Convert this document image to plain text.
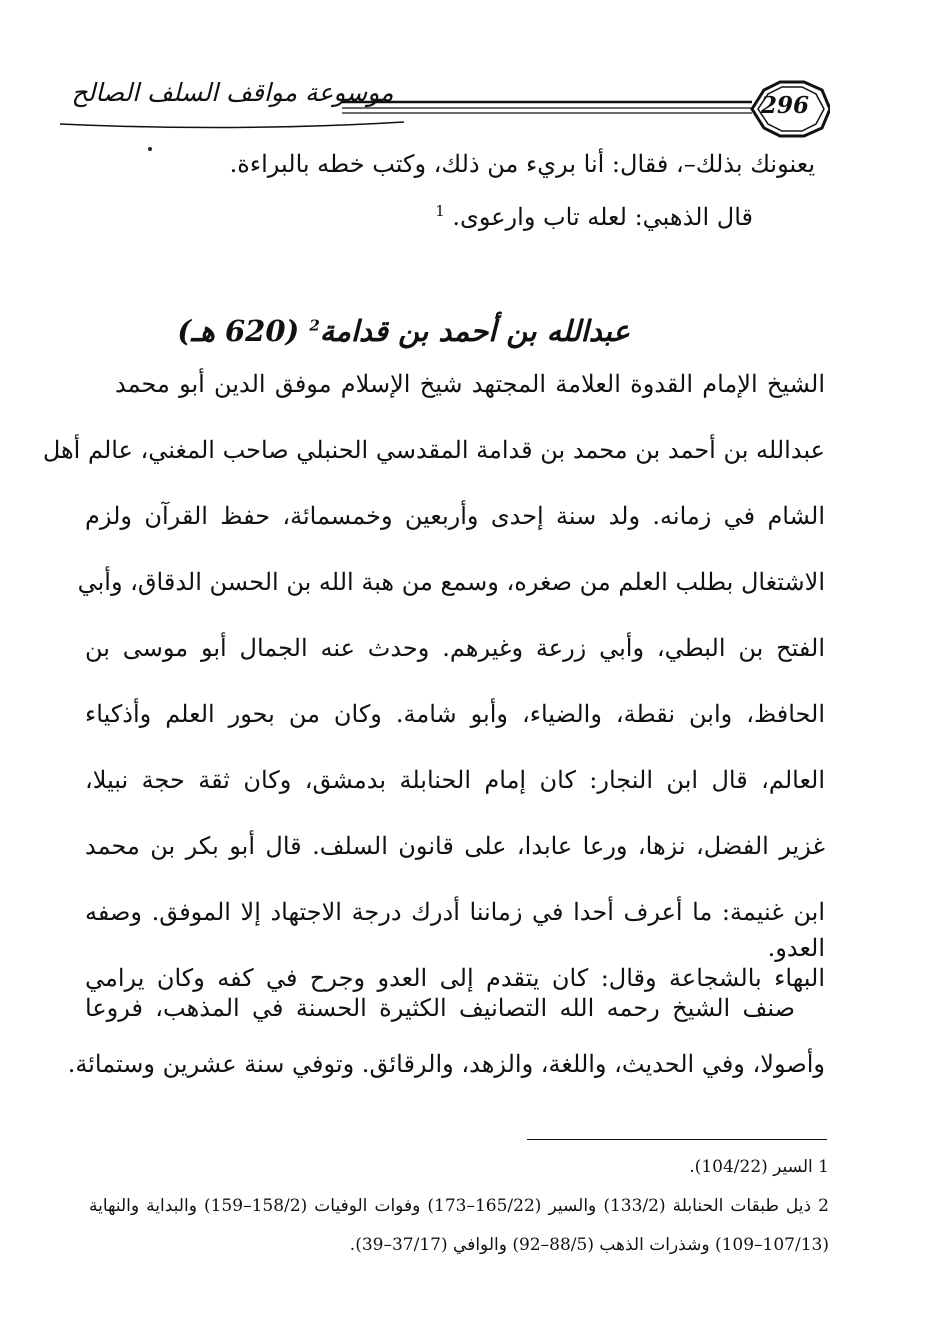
موسوعة مواقف السلف الصالح	296
يعنونك بذلك–، فقال: أنا بريء من ذلك، وكتب خطه بالبراءة.
قال الذهبي: لعله تاب وارعوى. $^1$
عبدالله بن أحمد بن قدامة$^2$ (620 هـ)
الشيخ الإمام القدوة العلامة المجتهد شيخ الإسلام موفق الدين أبو محمد
عبدالله بن أحمد بن محمد بن قدامة المقدسي الحنبلي صاحب المغني، عالم أهل
الشام في زمانه. ولد سنة إحدى وأربعين وخمسمائة، حفظ القرآن ولزم
الاشتغال بطلب العلم من صغره، وسمع من هبة الله بن الحسن الدقاق، وأبي
الفتح بن البطي، وأبي زرعة وغيرهم. وحدث عنه الجمال أبو موسى بن
الحافظ، وابن نقطة، والضياء، وأبو شامة. وكان من بحور العلم وأذكياء
العالم، قال ابن النجار: كان إمام الحنابلة بدمشق، وكان ثقة حجة نبيلا،
غزير الفضل، نزها، ورعا عابدا، على قانون السلف. قال أبو بكر بن محمد
ابن غنيمة: ما أعرف أحدا في زماننا أدرك درجة الاجتهاد إلا الموفق. وصفه
البهاء بالشجاعة وقال: كان يتقدم إلى العدو وجرح في كفه وكان يرامي
العدو.
صنف الشيخ رحمه الله التصانيف الكثيرة الحسنة في المذهب، فروعا
وأصولا، وفي الحديث، واللغة، والزهد، والرقائق. وتوفي سنة عشرين وستمائة.
1 السير (104/22).
2 ذيل طبقات الحنابلة (133/2) والسير (165/22–173) وفوات الوفيات (158/2–159) والبداية والنهاية
(107/13–109) وشذرات الذهب (88/5–92) والوافي (37/17–39).
